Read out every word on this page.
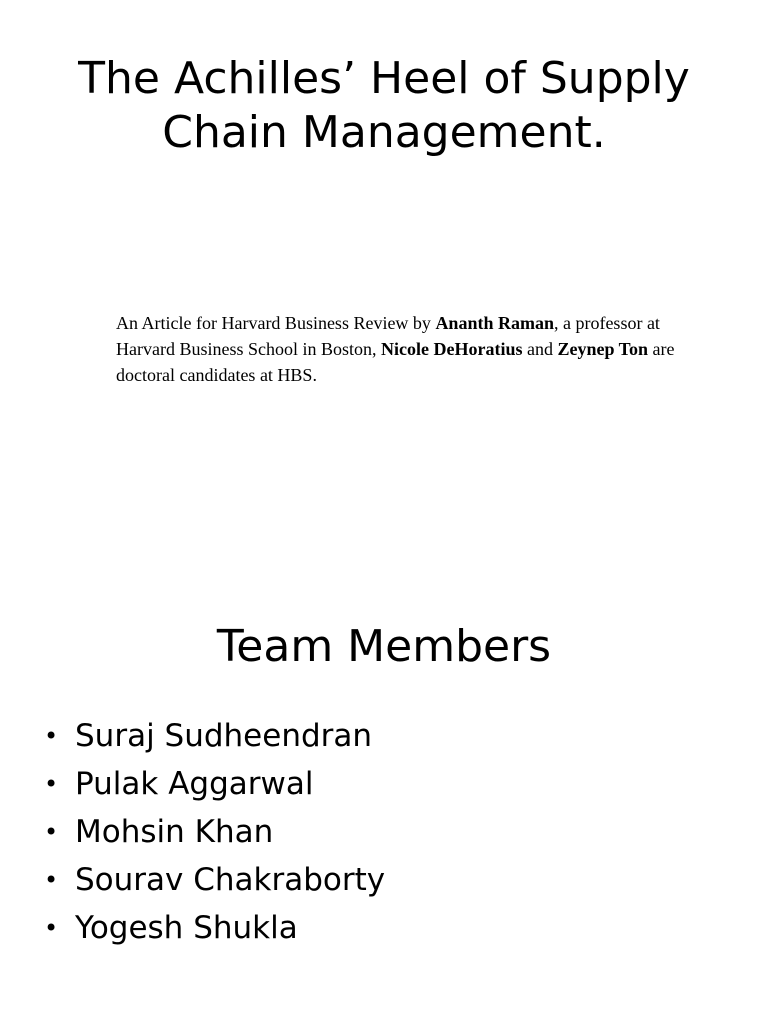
The Achilles’ Heel of Supply
Chain Management.

An Article for Harvard Business Review by Ananth Raman, a professor at Harvard Business School in Boston, Nicole DeHoratius and Zeynep Ton are doctoral candidates at HBS.

Team Members
• Suraj Sudheendran
• Pulak Aggarwal
• Mohsin Khan
• Sourav Chakraborty
• Yogesh Shukla
